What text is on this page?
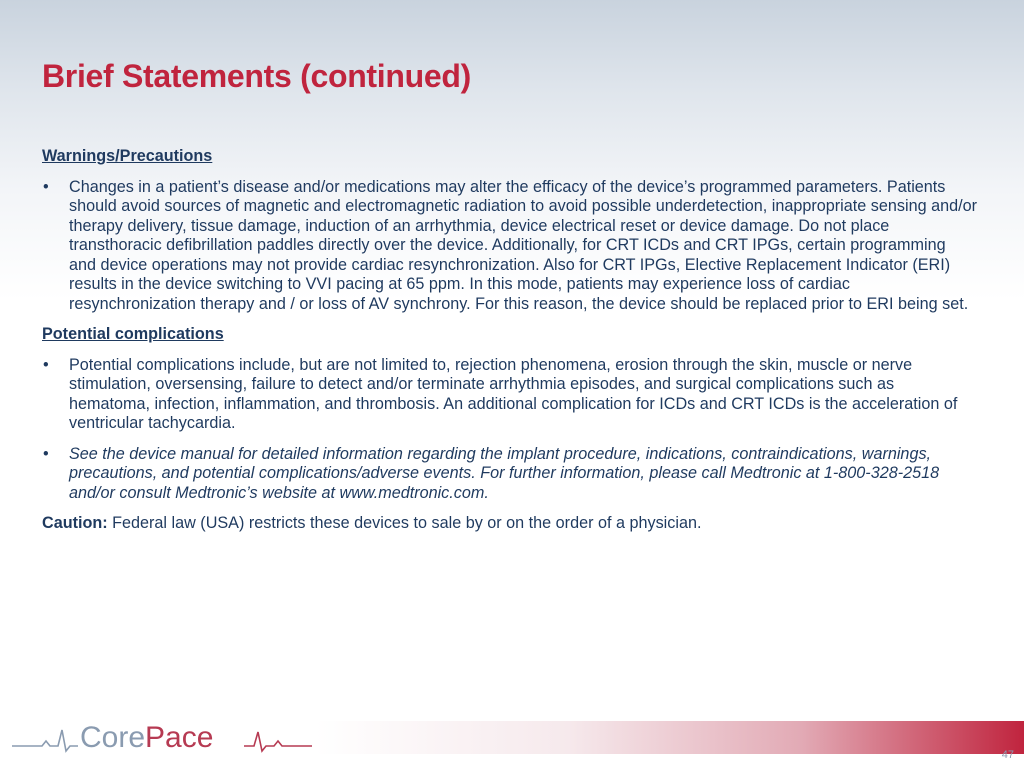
Brief Statements (continued)

Warnings/Precautions

• Changes in a patient’s disease and/or medications may alter the efficacy of the device’s programmed parameters. Patients should avoid sources of magnetic and electromagnetic radiation to avoid possible underdetection, inappropriate sensing and/or therapy delivery, tissue damage, induction of an arrhythmia, device electrical reset or device damage. Do not place transthoracic defibrillation paddles directly over the device. Additionally, for CRT ICDs and CRT IPGs, certain programming and device operations may not provide cardiac resynchronization. Also for CRT IPGs, Elective Replacement Indicator (ERI) results in the device switching to VVI pacing at 65 ppm. In this mode, patients may experience loss of cardiac resynchronization therapy and / or loss of AV synchrony. For this reason, the device should be replaced prior to ERI being set.

Potential complications

• Potential complications include, but are not limited to, rejection phenomena, erosion through the skin, muscle or nerve stimulation, oversensing, failure to detect and/or terminate arrhythmia episodes, and surgical complications such as hematoma, infection, inflammation, and thrombosis. An additional complication for ICDs and CRT ICDs is the acceleration of ventricular tachycardia.
• See the device manual for detailed information regarding the implant procedure, indications, contraindications, warnings, precautions, and potential complications/adverse events. For further information, please call Medtronic at 1-800-328-2518 and/or consult Medtronic’s website at www.medtronic.com.

Caution: Federal law (USA) restricts these devices to sale by or on the order of a physician.

CorePace
47
